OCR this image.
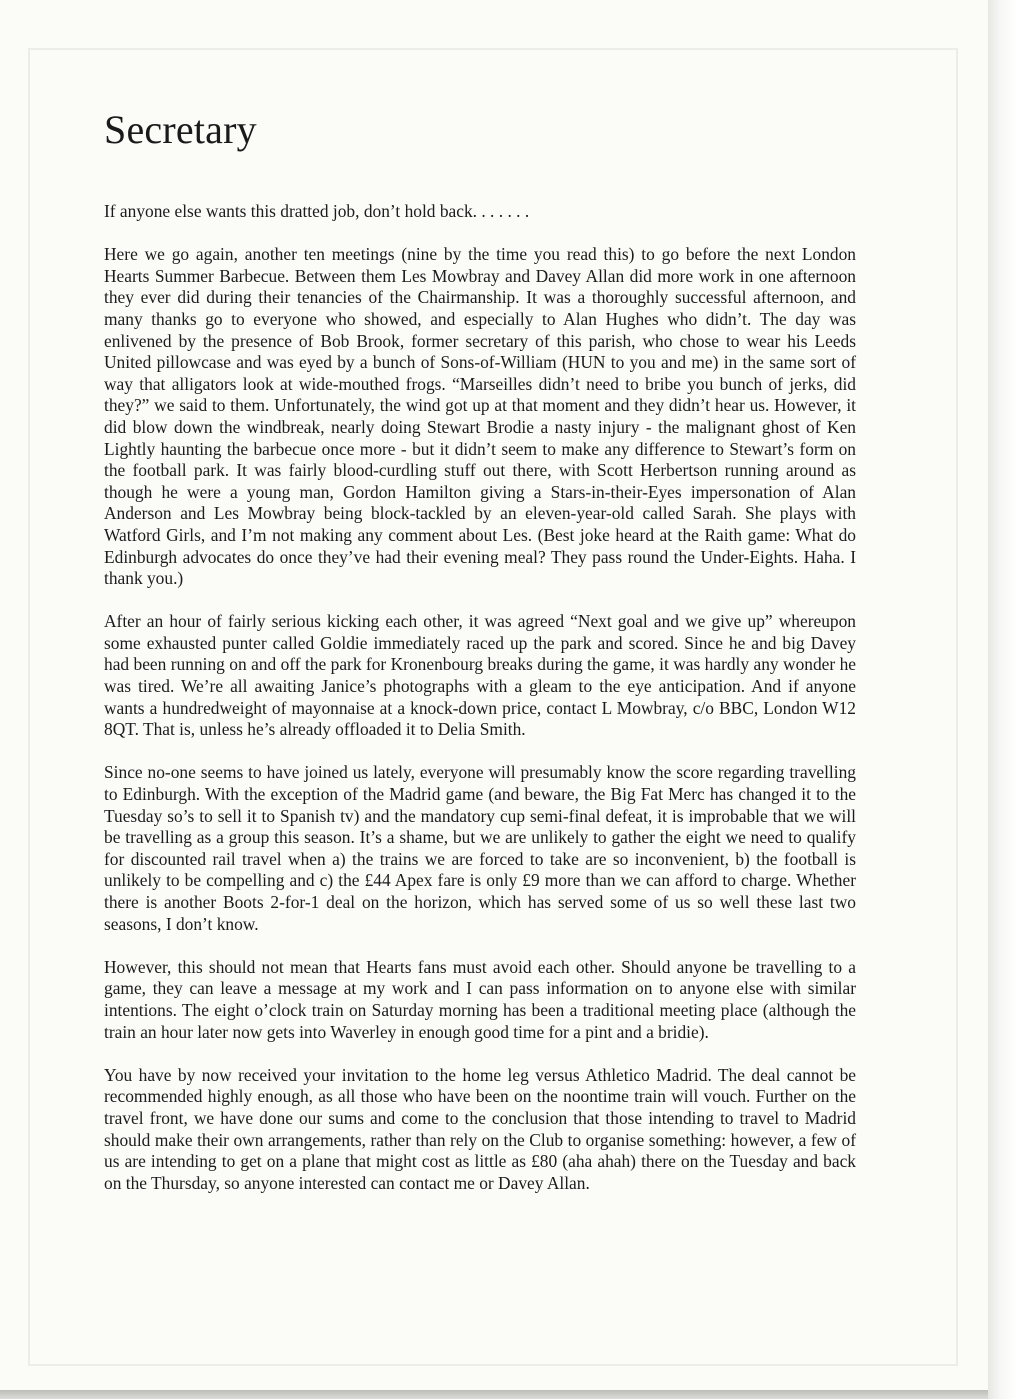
Secretary

If anyone else wants this dratted job, don’t hold back. . . . . . .

Here we go again, another ten meetings (nine by the time you read this) to go before the next London Hearts Summer Barbecue. Between them Les Mowbray and Davey Allan did more work in one afternoon they ever did during their tenancies of the Chairmanship. It was a thoroughly successful afternoon, and many thanks go to everyone who showed, and especially to Alan Hughes who didn’t. The day was enlivened by the presence of Bob Brook, former secretary of this parish, who chose to wear his Leeds United pillowcase and was eyed by a bunch of Sons-of-William (HUN to you and me) in the same sort of way that alligators look at wide-mouthed frogs. “Marseilles didn’t need to bribe you bunch of jerks, did they?” we said to them. Unfortunately, the wind got up at that moment and they didn’t hear us. However, it did blow down the windbreak, nearly doing Stewart Brodie a nasty injury - the malignant ghost of Ken Lightly haunting the barbecue once more - but it didn’t seem to make any difference to Stewart’s form on the football park. It was fairly blood-curdling stuff out there, with Scott Herbertson running around as though he were a young man, Gordon Hamilton giving a Stars-in-their-Eyes impersonation of Alan Anderson and Les Mowbray being block-tackled by an eleven-year-old called Sarah. She plays with Watford Girls, and I’m not making any comment about Les. (Best joke heard at the Raith game: What do Edinburgh advocates do once they’ve had their evening meal? They pass round the Under-Eights. Haha. I thank you.)

After an hour of fairly serious kicking each other, it was agreed “Next goal and we give up” whereupon some exhausted punter called Goldie immediately raced up the park and scored. Since he and big Davey had been running on and off the park for Kronenbourg breaks during the game, it was hardly any wonder he was tired. We’re all awaiting Janice’s photographs with a gleam to the eye anticipation. And if anyone wants a hundredweight of mayonnaise at a knock-down price, contact L Mowbray, c/o BBC, London W12 8QT. That is, unless he’s already offloaded it to Delia Smith.

Since no-one seems to have joined us lately, everyone will presumably know the score regarding travelling to Edinburgh. With the exception of the Madrid game (and beware, the Big Fat Merc has changed it to the Tuesday so’s to sell it to Spanish tv) and the mandatory cup semi-final defeat, it is improbable that we will be travelling as a group this season. It’s a shame, but we are unlikely to gather the eight we need to qualify for discounted rail travel when a) the trains we are forced to take are so inconvenient, b) the football is unlikely to be compelling and c) the £44 Apex fare is only £9 more than we can afford to charge. Whether there is another Boots 2-for-1 deal on the horizon, which has served some of us so well these last two seasons, I don’t know.

However, this should not mean that Hearts fans must avoid each other. Should anyone be travelling to a game, they can leave a message at my work and I can pass information on to anyone else with similar intentions. The eight o’clock train on Saturday morning has been a traditional meeting place (although the train an hour later now gets into Waverley in enough good time for a pint and a bridie).

You have by now received your invitation to the home leg versus Athletico Madrid. The deal cannot be recommended highly enough, as all those who have been on the noontime train will vouch. Further on the travel front, we have done our sums and come to the conclusion that those intending to travel to Madrid should make their own arrangements, rather than rely on the Club to organise something: however, a few of us are intending to get on a plane that might cost as little as £80 (aha ahah) there on the Tuesday and back on the Thursday, so anyone interested can contact me or Davey Allan.
